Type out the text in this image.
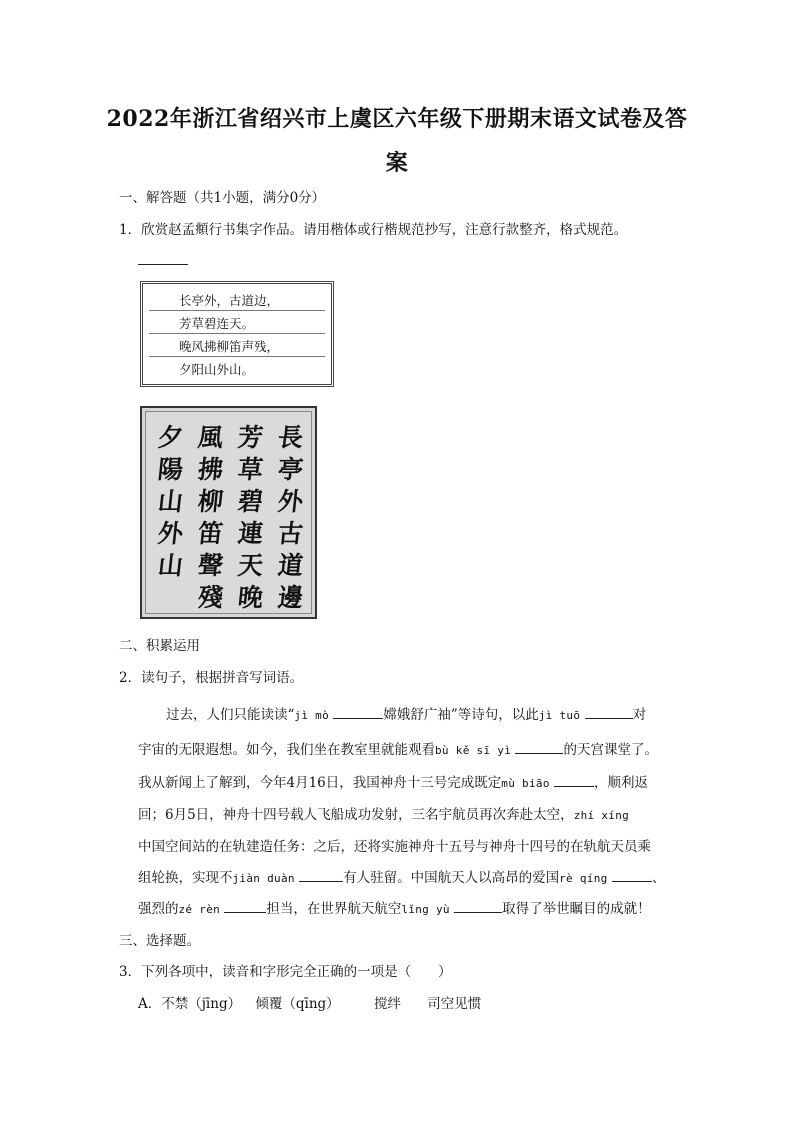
2022年浙江省绍兴市上虞区六年级下册期末语文试卷及答
案
一、解答题（共1小题，满分0分）
1．欣赏赵孟頫行书集字作品。请用楷体或行楷规范抄写，注意行款整齐，格式规范。
长亭外，古道边，
芳草碧连天。
晚风拂柳笛声残，
夕阳山外山。
長
亭
外
古
道
邊
芳
草
碧
連
天
晚
風
拂
柳
笛
聲
殘
夕
陽
山
外
山
二、积累运用
2．读句子，根据拼音写词语。
过去，人们只能读读“jì mò	嫦娥舒广袖”等诗句，以此jì tuō	对
宇宙的无限遐想。如今，我们坐在教室里就能观看bù kě sī yì	的天宫课堂了。
我从新闻上了解到，今年4月16日，我国神舟十三号完成既定mù biāo	，顺利返
回；6月5日，神舟十四号载人飞船成功发射，三名宇航员再次奔赴太空，zhí xíng
中国空间站的在轨建造任务：之后，还将实施神舟十五号与神舟十四号的在轨航天员乘
组轮换，实现不jiàn duàn	有人驻留。中国航天人以高昂的爱国rè qíng	、
强烈的zé rèn	担当，在世界航天航空lǐng yù	取得了举世瞩目的成就！
三、选择题。
3．下列各项中，读音和字形完全正确的一项是（　　）
A．不禁（jīng） 倾覆（qīng）	搅绊 司空见惯
